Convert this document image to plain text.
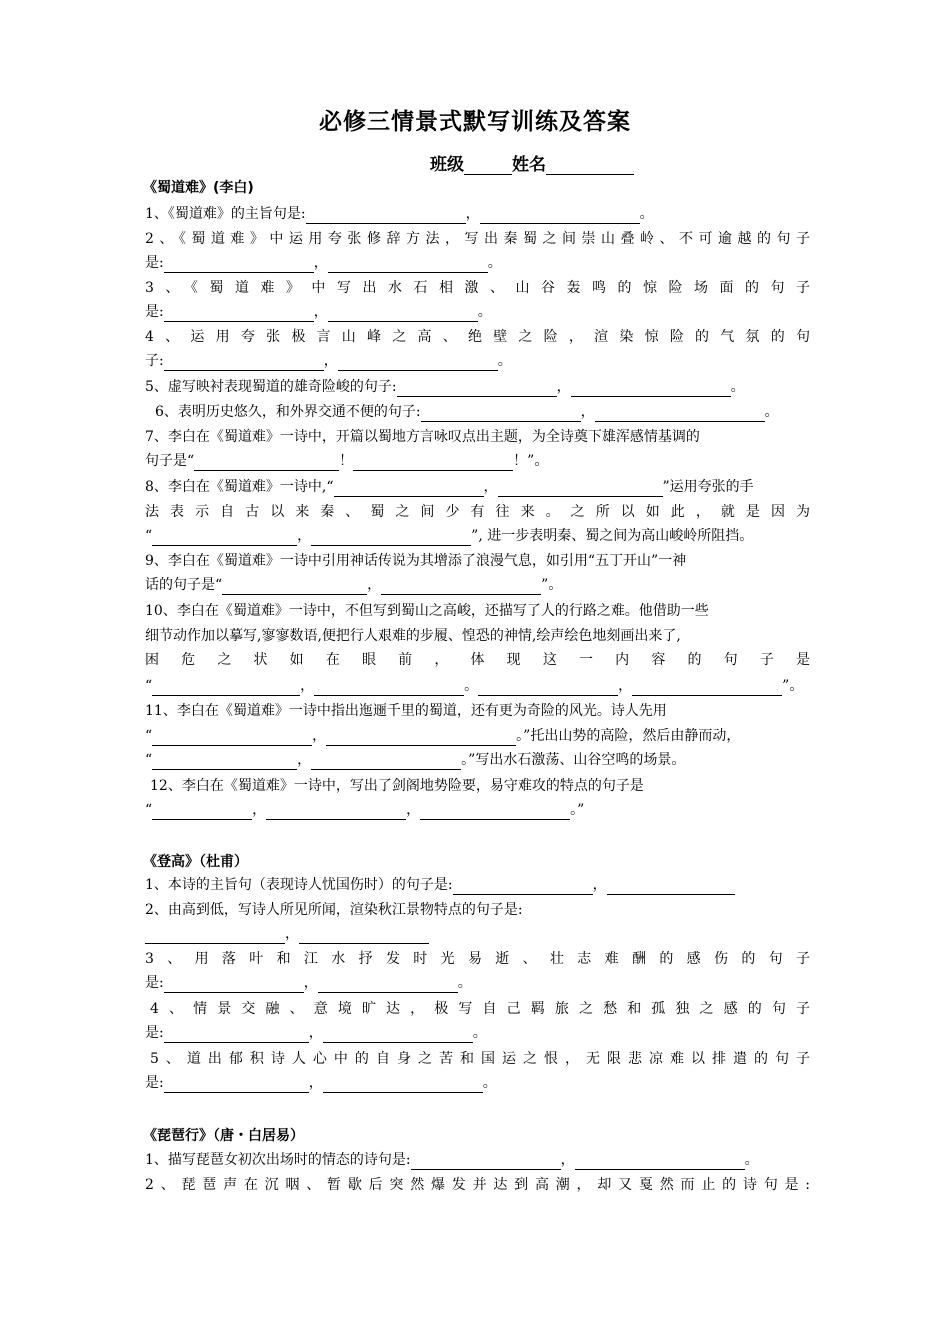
必修三情景式默写训练及答案
班级	姓名
《蜀道难》(李白)
1、《蜀道难》的主旨句是:	，	。
2、《蜀道难》中运用夸张修辞方法，写出秦蜀之间崇山叠岭、不可逾越的句子
是:	，	。
3、《蜀道难》中写出水石相激、山谷轰鸣的惊险场面的句子
是:	，	。
4、运用夸张极言山峰之高、绝壁之险，渲染惊险的气氛的句
子:	，	。
5、虚写映衬表现蜀道的雄奇险峻的句子:	，	。
6、表明历史悠久，和外界交通不便的句子:	，	。
7、李白在《蜀道难》一诗中，开篇以蜀地方言咏叹点出主题，为全诗奠下雄浑感情基调的
句子是“	！	！”。
8、李白在《蜀道难》一诗中,“	，	”运用夸张的手
法表示自古以来秦、蜀之间少有往来。之所以如此，就是因为
“	，	”, 进一步表明秦、蜀之间为高山峻岭所阻挡。
9、李白在《蜀道难》一诗中引用神话传说为其增添了浪漫气息，如引用“五丁开山”一神
话的句子是“	，	”。
10、李白在《蜀道难》一诗中，不但写到蜀山之高峻，还描写了人的行路之难。他借助一些
细节动作加以摹写,寥寥数语,便把行人艰难的步履、惶恐的神情,绘声绘色地刻画出来了,
困危之状如在眼前，体现这一内容的句子是
“	，	。	，	”。
11、李白在《蜀道难》一诗中指出迤逦千里的蜀道，还有更为奇险的风光。诗人先用
“	，	。”托出山势的高险，然后由静而动，
“	，	。”写出水石激荡、山谷空鸣的场景。
12、李白在《蜀道难》一诗中，写出了剑阁地势险要，易守难攻的特点的句子是
“	，	，	。”
《登高》（杜甫）
1、本诗的主旨句（表现诗人忧国伤时）的句子是:	，
2、由高到低，写诗人所见所闻，渲染秋江景物特点的句子是:
，
3、用落叶和江水抒发时光易逝、壮志难酬的感伤的句子
是:	，	。
4、情景交融、意境旷达，极写自己羁旅之愁和孤独之感的句子
是:	，	。
5、道出郁积诗人心中的自身之苦和国运之恨，无限悲凉难以排遣的句子
是:	，	。
《琵琶行》（唐・白居易）
1、描写琵琶女初次出场时的情态的诗句是:	，	。
2、琵琶声在沉咽、暂歇后突然爆发并达到高潮，却又戛然而止的诗句是:
